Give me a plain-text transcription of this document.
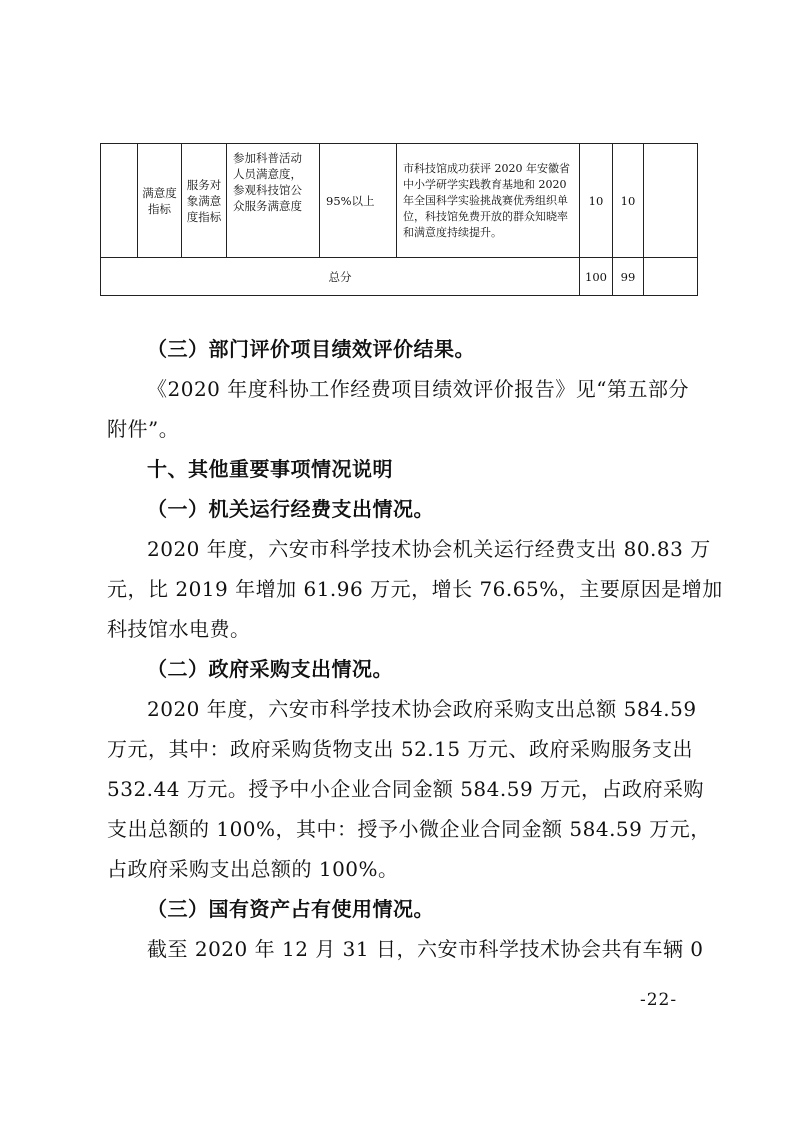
	满意度指标	服务对象满意度指标	参加科普活动人员满意度，参观科技馆公众服务满意度	95%以上	市科技馆成功获评 2020 年安徽省中小学研学实践教育基地和 2020 年全国科学实验挑战赛优秀组织单位，科技馆免费开放的群众知晓率和满意度持续提升。	10	10	
总分						100	99	
（三）部门评价项目绩效评价结果。
《2020 年度科协工作经费项目绩效评价报告》见“第五部分
附件”。
十、其他重要事项情况说明
（一）机关运行经费支出情况。
2020 年度，六安市科学技术协会机关运行经费支出 80.83 万
元，比 2019 年增加 61.96 万元，增长 76.65%，主要原因是增加
科技馆水电费。
（二）政府采购支出情况。
2020 年度，六安市科学技术协会政府采购支出总额 584.59
万元，其中：政府采购货物支出 52.15 万元、政府采购服务支出
532.44 万元。授予中小企业合同金额 584.59 万元，占政府采购
支出总额的 100%，其中：授予小微企业合同金额 584.59 万元，
占政府采购支出总额的 100%。
（三）国有资产占有使用情况。
截至 2020 年 12 月 31 日，六安市科学技术协会共有车辆 0
-22-
